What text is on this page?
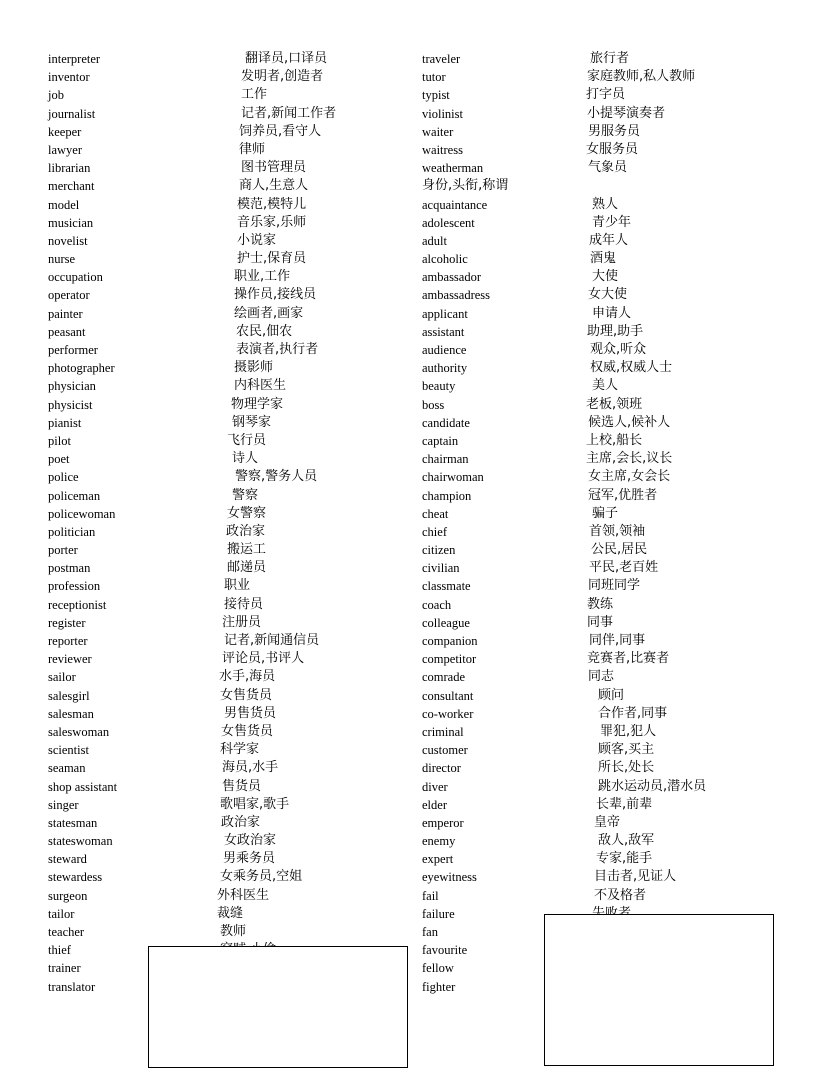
interpreter
inventor
job
journalist
keeper
lawyer
librarian
merchant
model
musician
novelist
nurse
occupation
operator
painter
peasant
performer
photographer
physician
physicist
pianist
pilot
poet
police
policeman
policewoman
politician
porter
postman
profession
receptionist
register
reporter
reviewer
sailor
salesgirl
salesman
saleswoman
scientist
seaman
shop assistant
singer
statesman
stateswoman
steward
stewardess
surgeon
tailor
teacher
thief
trainer
translator
翻译员,口译员
发明者,创造者
工作
记者,新闻工作者
饲养员,看守人
律师
图书管理员
商人,生意人
模范,模特儿
音乐家,乐师
小说家
护士,保育员
职业,工作
操作员,接线员
绘画者,画家
农民,佃农
表演者,执行者
摄影师
内科医生
物理学家
钢琴家
飞行员
诗人
警察,警务人员
警察
女警察
政治家
搬运工
邮递员
职业
接待员
注册员
记者,新闻通信员
评论员,书评人
水手,海员
女售货员
男售货员
女售货员
科学家
海员,水手
售货员
歌唱家,歌手
政治家
女政治家
男乘务员
女乘务员,空姐
外科医生
裁缝
教师
traveler
tutor
typist
violinist
waiter
waitress
weatherman
身份,头衔,称谓
acquaintance
adolescent
adult
alcoholic
ambassador
ambassadress
applicant
assistant
audience
authority
beauty
boss
candidate
captain
chairman
chairwoman
champion
cheat
chief
citizen
civilian
classmate
coach
colleague
companion
competitor
comrade
consultant
co-worker
criminal
customer
director
diver
elder
emperor
enemy
expert
eyewitness
fail
failure
fan
favourite
fellow
fighter
旅行者
家庭教师,私人教师
打字员
小提琴演奏者
男服务员
女服务员
气象员
熟人
青少年
成年人
酒鬼
大使
女大使
申请人
助理,助手
观众,听众
权威,权威人士
美人
老板,领班
候选人,候补人
上校,船长
主席,会长,议长
女主席,女会长
冠军,优胜者
骗子
首领,领袖
公民,居民
平民,老百姓
同班同学
教练
同事
同伴,同事
竞赛者,比赛者
同志
顾问
合作者,同事
罪犯,犯人
顾客,买主
所长,处长
跳水运动员,潜水员
长辈,前辈
皇帝
敌人,敌军
专家,能手
目击者,见证人
不及格者
